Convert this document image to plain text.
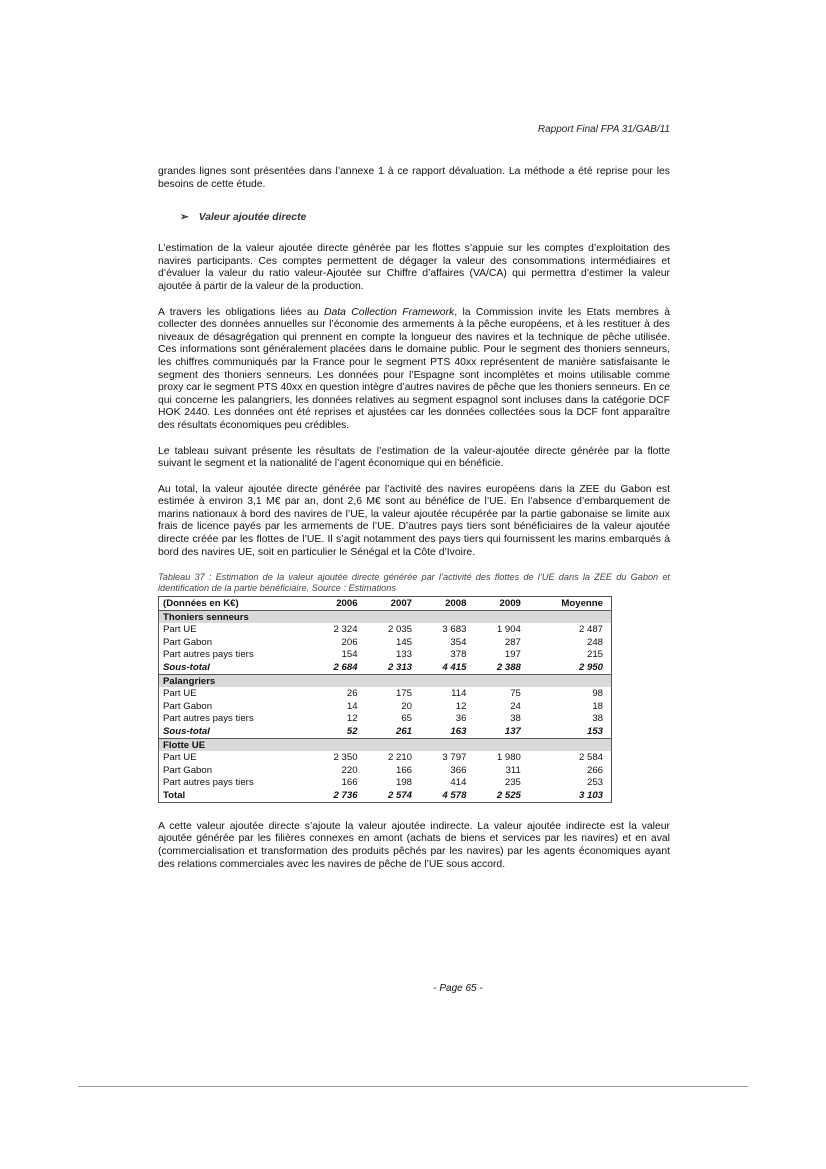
Rapport Final FPA 31/GAB/11

grandes lignes sont présentées dans l’annexe 1 à ce rapport dévaluation. La méthode a été reprise pour les besoins de cette étude.

➢ Valeur ajoutée directe

L’estimation de la valeur ajoutée directe générée par les flottes s’appuie sur les comptes d’exploitation des navires participants. Ces comptes permettent de dégager la valeur des consommations intermédiaires et d’évaluer la valeur du ratio valeur-Ajoutée sur Chiffre d’affaires (VA/CA) qui permettra d’estimer la valeur ajoutée à partir de la valeur de la production.

A travers les obligations liées au Data Collection Framework, la Commission invite les Etats membres à collecter des données annuelles sur l’économie des armements à la pêche européens, et à les restituer à des niveaux de désagrégation qui prennent en compte la longueur des navires et la technique de pêche utilisée. Ces informations sont généralement placées dans le domaine public. Pour le segment des thoniers senneurs, les chiffres communiqués par la France pour le segment PTS 40xx représentent de manière satisfaisante le segment des thoniers senneurs. Les données pour l’Espagne sont incomplètes et moins utilisable comme proxy car le segment PTS 40xx en question intègre d’autres navires de pêche que les thoniers senneurs. En ce qui concerne les palangriers, les données relatives au segment espagnol sont incluses dans la catégorie DCF HOK 2440. Les données ont été reprises et ajustées car les données collectées sous la DCF font apparaître des résultats économiques peu crédibles.

Le tableau suivant présente les résultats de l’estimation de la valeur-ajoutée directe générée par la flotte suivant le segment et la nationalité de l’agent économique qui en bénéficie.

Au total, la valeur ajoutée directe générée par l’activité des navires européens dans la ZEE du Gabon est estimée à environ 3,1 M€ par an, dont 2,6 M€ sont au bénéfice de l’UE. En l’absence d’embarquement de marins nationaux à bord des navires de l’UE, la valeur ajoutée récupérée par la partie gabonaise se limite aux frais de licence payés par les armements de l’UE. D’autres pays tiers sont bénéficiaires de la valeur ajoutée directe créée par les flottes de l’UE. Il s’agit notamment des pays tiers qui fournissent les marins embarqués à bord des navires UE, soit en particulier le Sénégal et la Côte d’Ivoire.

Tableau 37 : Estimation de la valeur ajoutée directe générée par l’activité des flottes de l’UE dans la ZEE du Gabon et identification de la partie bénéficiaire. Source : Estimations
(Données en K€)	2006	2007	2008	2009	Moyenne
Thoniers senneurs					
Part UE	2 324	2 035	3 683	1 904	2 487
Part Gabon	206	145	354	287	248
Part autres pays tiers	154	133	378	197	215
Sous-total	2 684	2 313	4 415	2 388	2 950
Palangriers					
Part UE	26	175	114	75	98
Part Gabon	14	20	12	24	18
Part autres pays tiers	12	65	36	38	38
Sous-total	52	261	163	137	153
Flotte UE					
Part UE	2 350	2 210	3 797	1 980	2 584
Part Gabon	220	166	366	311	266
Part autres pays tiers	166	198	414	235	253
Total	2 736	2 574	4 578	2 525	3 103

A cette valeur ajoutée directe s’ajoute la valeur ajoutée indirecte. La valeur ajoutée indirecte est la valeur ajoutée générée par les filières connexes en amont (achats de biens et services par les navires) et en aval (commercialisation et transformation des produits pêchés par les navires) par les agents économiques ayant des relations commerciales avec les navires de pêche de l’UE sous accord.

- Page 65 -
